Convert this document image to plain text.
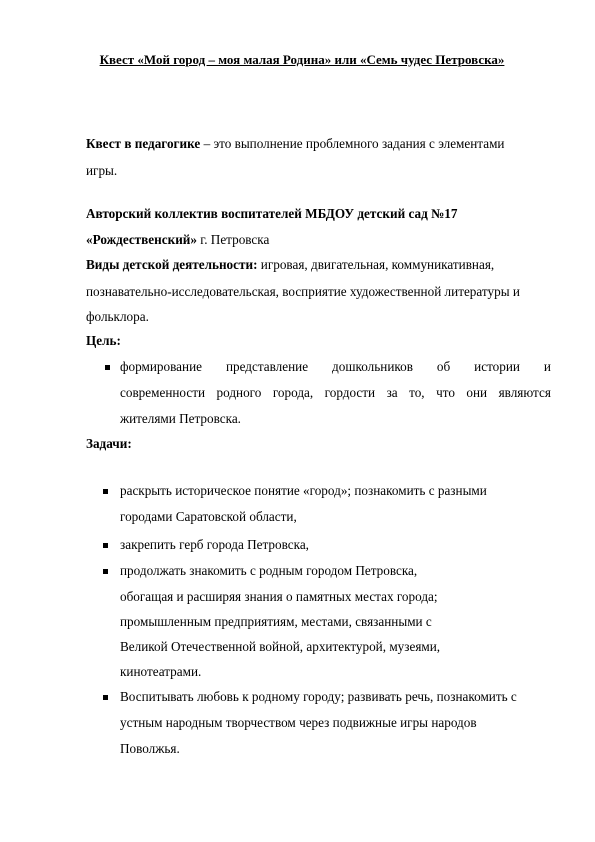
Квест «Мой город – моя малая Родина» или «Семь чудес Петровска»
Квест в педагогике – это выполнение проблемного задания с элементами
игры.
Авторский коллектив воспитателей МБДОУ детский сад №17
«Рождественский» г. Петровска
Виды детской деятельности: игровая, двигательная, коммуникативная,
познавательно-исследовательская, восприятие художественной литературы и
фольклора.
Цель:
формирование представление дошкольников об истории и
современности родного города, гордости за то, что они являются
жителями Петровска.
Задачи:
раскрыть историческое понятие «город»; познакомить с разными
городами Саратовской области,
закрепить герб города Петровска,
продолжать знакомить с родным городом Петровска,
обогащая и расширяя знания о памятных местах города;
промышленным предприятиям, местами, связанными с
Великой Отечественной войной, архитектурой, музеями,
кинотеатрами.
Воспитывать любовь к родному городу; развивать речь, познакомить с
устным народным творчеством через подвижные игры народов
Поволжья.
